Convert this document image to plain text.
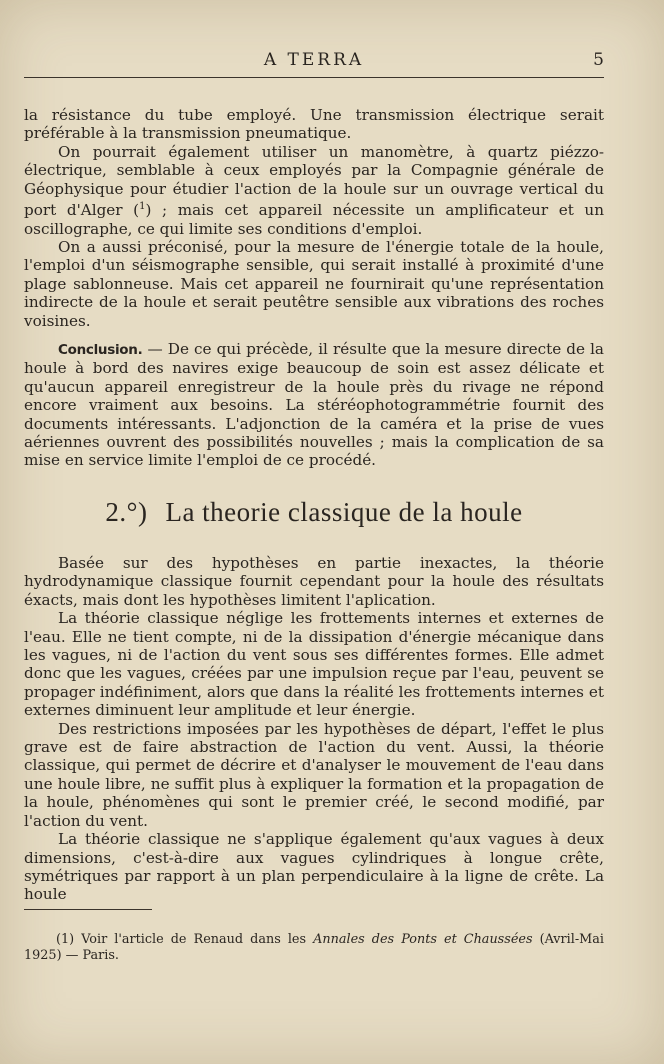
A TERRA	5

la résistance du tube employé. Une transmission électrique serait préférable à la transmission pneumatique.

On pourrait également utiliser un manomètre, à quartz piézzo-électrique, semblable à ceux employés par la Compagnie générale de Géophysique pour étudier l'action de la houle sur un ouvrage vertical du port d'Alger ($^1$) ; mais cet appareil nécessite un amplificateur et un oscillographe, ce qui limite ses conditions d'emploi.

On a aussi préconisé, pour la mesure de l'énergie totale de la houle, l'emploi d'un séismographe sensible, qui serait installé à proximité d'une plage sablonneuse. Mais cet appareil ne fournirait qu'une représentation indirecte de la houle et serait peutêtre sensible aux vibrations des roches voisines.

Conclusion. — De ce qui précède, il résulte que la mesure directe de la houle à bord des navires exige beaucoup de soin est assez délicate et qu'aucun appareil enregistreur de la houle près du rivage ne répond encore vraiment aux besoins. La stéréophotogrammétrie fournit des documents intéressants. L'adjonction de la caméra et la prise de vues aériennes ouvrent des possibilités nouvelles ; mais la complication de sa mise en service limite l'emploi de ce procédé.

2.°) La theorie classique de la houle

Basée sur des hypothèses en partie inexactes, la théorie hydrodynamique classique fournit cependant pour la houle des résultats éxacts, mais dont les hypothèses limitent l'aplication.

La théorie classique néglige les frottements internes et externes de l'eau. Elle ne tient compte, ni de la dissipation d'énergie mécanique dans les vagues, ni de l'action du vent sous ses différentes formes. Elle admet donc que les vagues, créées par une impulsion reçue par l'eau, peuvent se propager indéfiniment, alors que dans la réalité les frottements internes et externes diminuent leur amplitude et leur énergie.

Des restrictions imposées par les hypothèses de départ, l'effet le plus grave est de faire abstraction de l'action du vent. Aussi, la théorie classique, qui permet de décrire et d'analyser le mouvement de l'eau dans une houle libre, ne suffit plus à expliquer la formation et la propagation de la houle, phénomènes qui sont le premier créé, le second modifié, par l'action du vent.

La théorie classique ne s'applique également qu'aux vagues à deux dimensions, c'est-à-dire aux vagues cylindriques à longue crête, symétriques par rapport à un plan perpendiculaire à la ligne de crête. La houle

(1) Voir l'article de Renaud dans les Annales des Ponts et Chaussées (Avril-Mai 1925) — Paris.
